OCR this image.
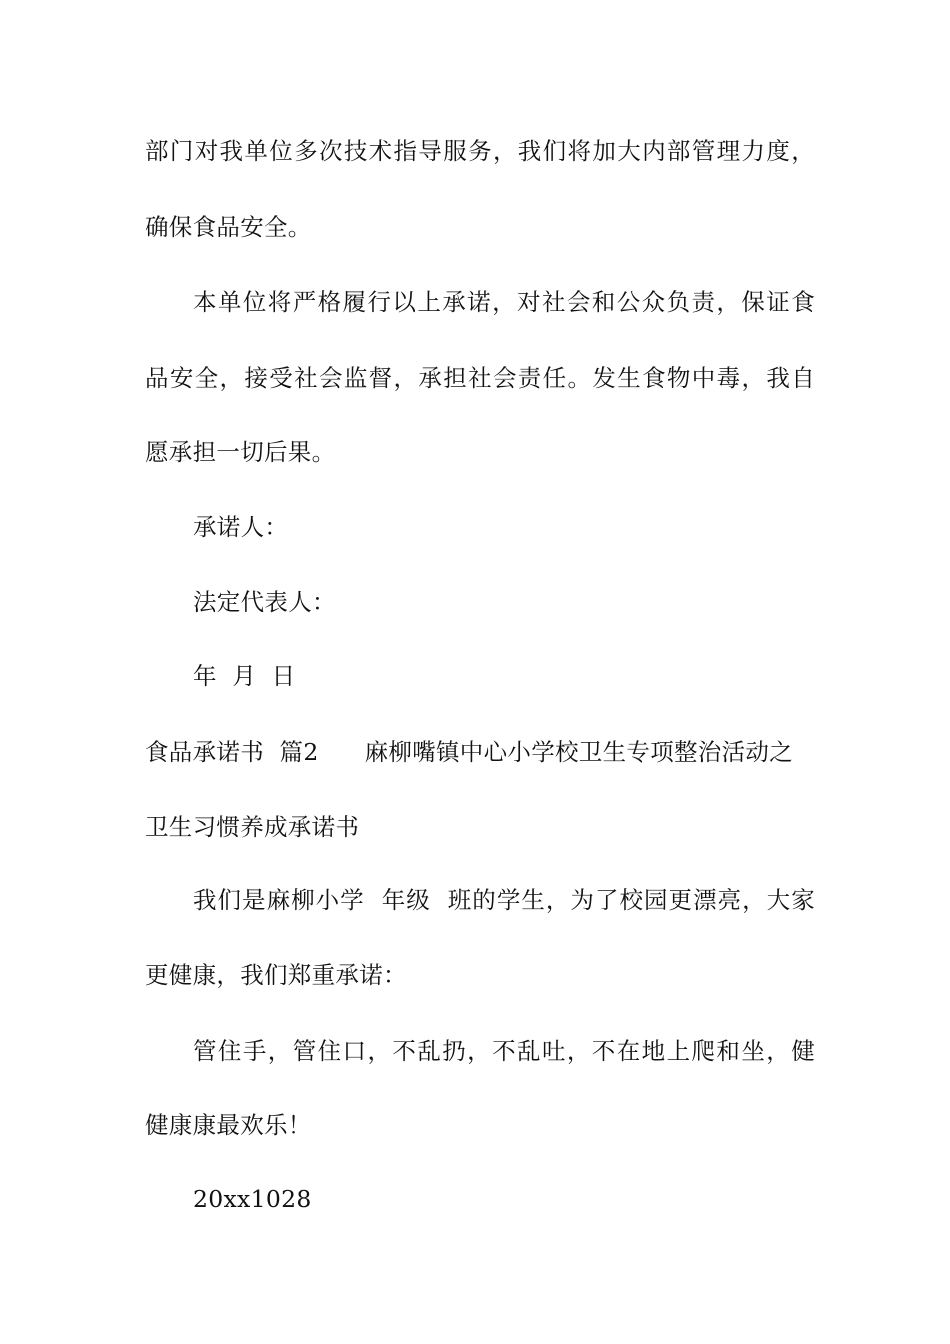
部门对我单位多次技术指导服务，我们将加大内部管理力度，
确保食品安全。
本单位将严格履行以上承诺，对社会和公众负责，保证食
品安全，接受社会监督，承担社会责任。发生食物中毒，我自
愿承担一切后果。
承诺人：
法定代表人：
年  月  日
食品承诺书  篇2 麻柳嘴镇中心小学校卫生专项整治活动之
卫生习惯养成承诺书
我们是麻柳小学  年级  班的学生，为了校园更漂亮，大家
更健康，我们郑重承诺：
管住手，管住口，不乱扔，不乱吐，不在地上爬和坐，健
健康康最欢乐！
20xx1028
